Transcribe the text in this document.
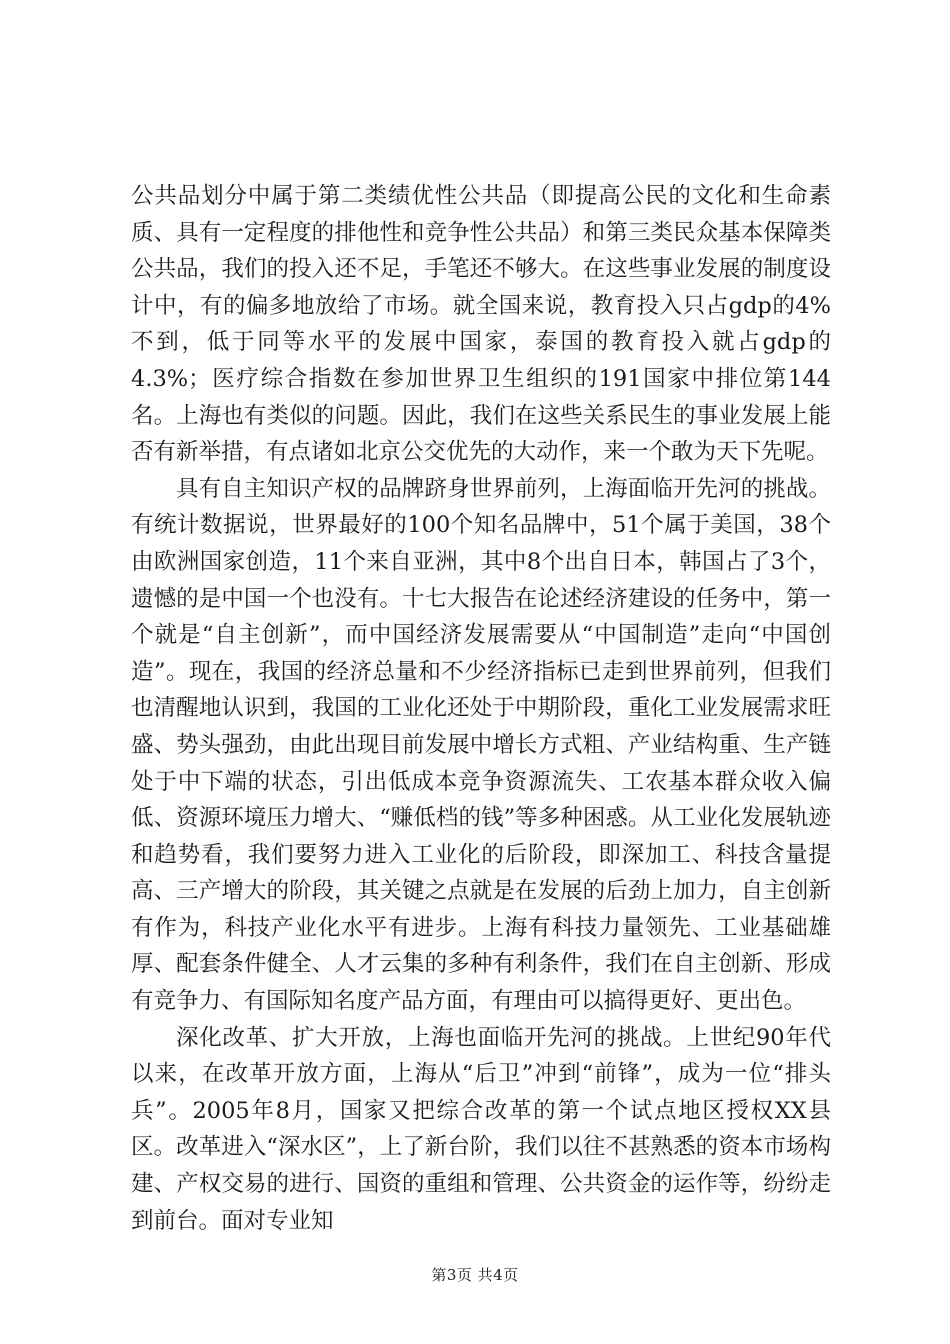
公共品划分中属于第二类绩优性公共品（即提高公民的文化和生命素质、具有一定程度的排他性和竞争性公共品）和第三类民众基本保障类公共品，我们的投入还不足，手笔还不够大。在这些事业发展的制度设计中，有的偏多地放给了市场。就全国来说，教育投入只占gdp的4%不到，低于同等水平的发展中国家，泰国的教育投入就占gdp的4.3%；医疗综合指数在参加世界卫生组织的191国家中排位第144名。上海也有类似的问题。因此，我们在这些关系民生的事业发展上能否有新举措，有点诸如北京公交优先的大动作，来一个敢为天下先呢。

具有自主知识产权的品牌跻身世界前列，上海面临开先河的挑战。有统计数据说，世界最好的100个知名品牌中，51个属于美国，38个由欧洲国家创造，11个来自亚洲，其中8个出自日本，韩国占了3个，遗憾的是中国一个也没有。十七大报告在论述经济建设的任务中，第一个就是“自主创新”，而中国经济发展需要从“中国制造”走向“中国创造”。现在，我国的经济总量和不少经济指标已走到世界前列，但我们也清醒地认识到，我国的工业化还处于中期阶段，重化工业发展需求旺盛、势头强劲，由此出现目前发展中增长方式粗、产业结构重、生产链处于中下端的状态，引出低成本竞争资源流失、工农基本群众收入偏低、资源环境压力增大、“赚低档的钱”等多种困惑。从工业化发展轨迹和趋势看，我们要努力进入工业化的后阶段，即深加工、科技含量提高、三产增大的阶段，其关键之点就是在发展的后劲上加力，自主创新有作为，科技产业化水平有进步。上海有科技力量领先、工业基础雄厚、配套条件健全、人才云集的多种有利条件，我们在自主创新、形成有竞争力、有国际知名度产品方面，有理由可以搞得更好、更出色。

深化改革、扩大开放，上海也面临开先河的挑战。上世纪90年代以来，在改革开放方面，上海从“后卫”冲到“前锋”，成为一位“排头兵”。2005年8月，国家又把综合改革的第一个试点地区授权XX县区。改革进入“深水区”，上了新台阶，我们以往不甚熟悉的资本市场构建、产权交易的进行、国资的重组和管理、公共资金的运作等，纷纷走到前台。面对专业知

第3页 共4页
